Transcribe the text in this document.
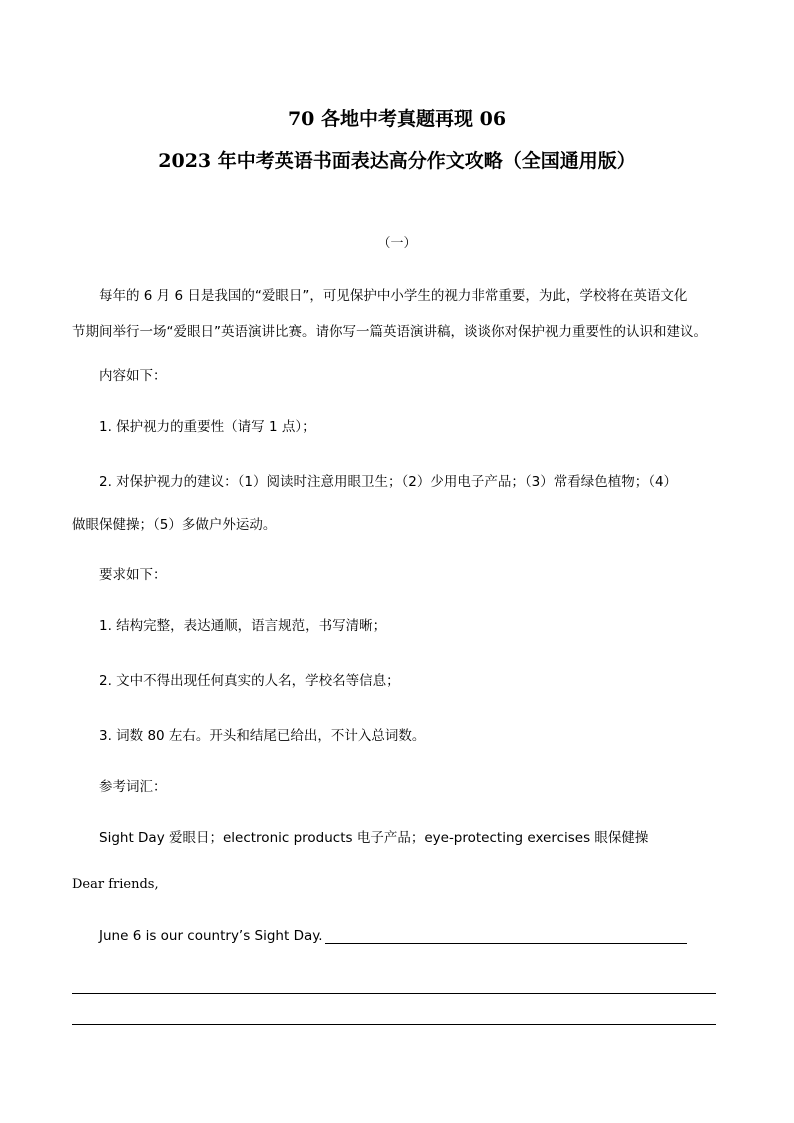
70 各地中考真题再现 06
2023 年中考英语书面表达高分作文攻略（全国通用版）
（一）
每年的 6 月 6 日是我国的“爱眼日”，可见保护中小学生的视力非常重要，为此，学校将在英语文化
节期间举行一场“爱眼日”英语演讲比赛。请你写一篇英语演讲稿，谈谈你对保护视力重要性的认识和建议。
内容如下：
1. 保护视力的重要性（请写 1 点）；
2. 对保护视力的建议：（1）阅读时注意用眼卫生；（2）少用电子产品；（3）常看绿色植物；（4）
做眼保健操；（5）多做户外运动。
要求如下：
1. 结构完整，表达通顺，语言规范，书写清晰；
2. 文中不得出现任何真实的人名，学校名等信息；
3. 词数 80 左右。开头和结尾已给出，不计入总词数。
参考词汇：
Sight Day 爱眼日；electronic products 电子产品；eye-protecting exercises 眼保健操
Dear friends,
June 6 is our country’s Sight Day.
